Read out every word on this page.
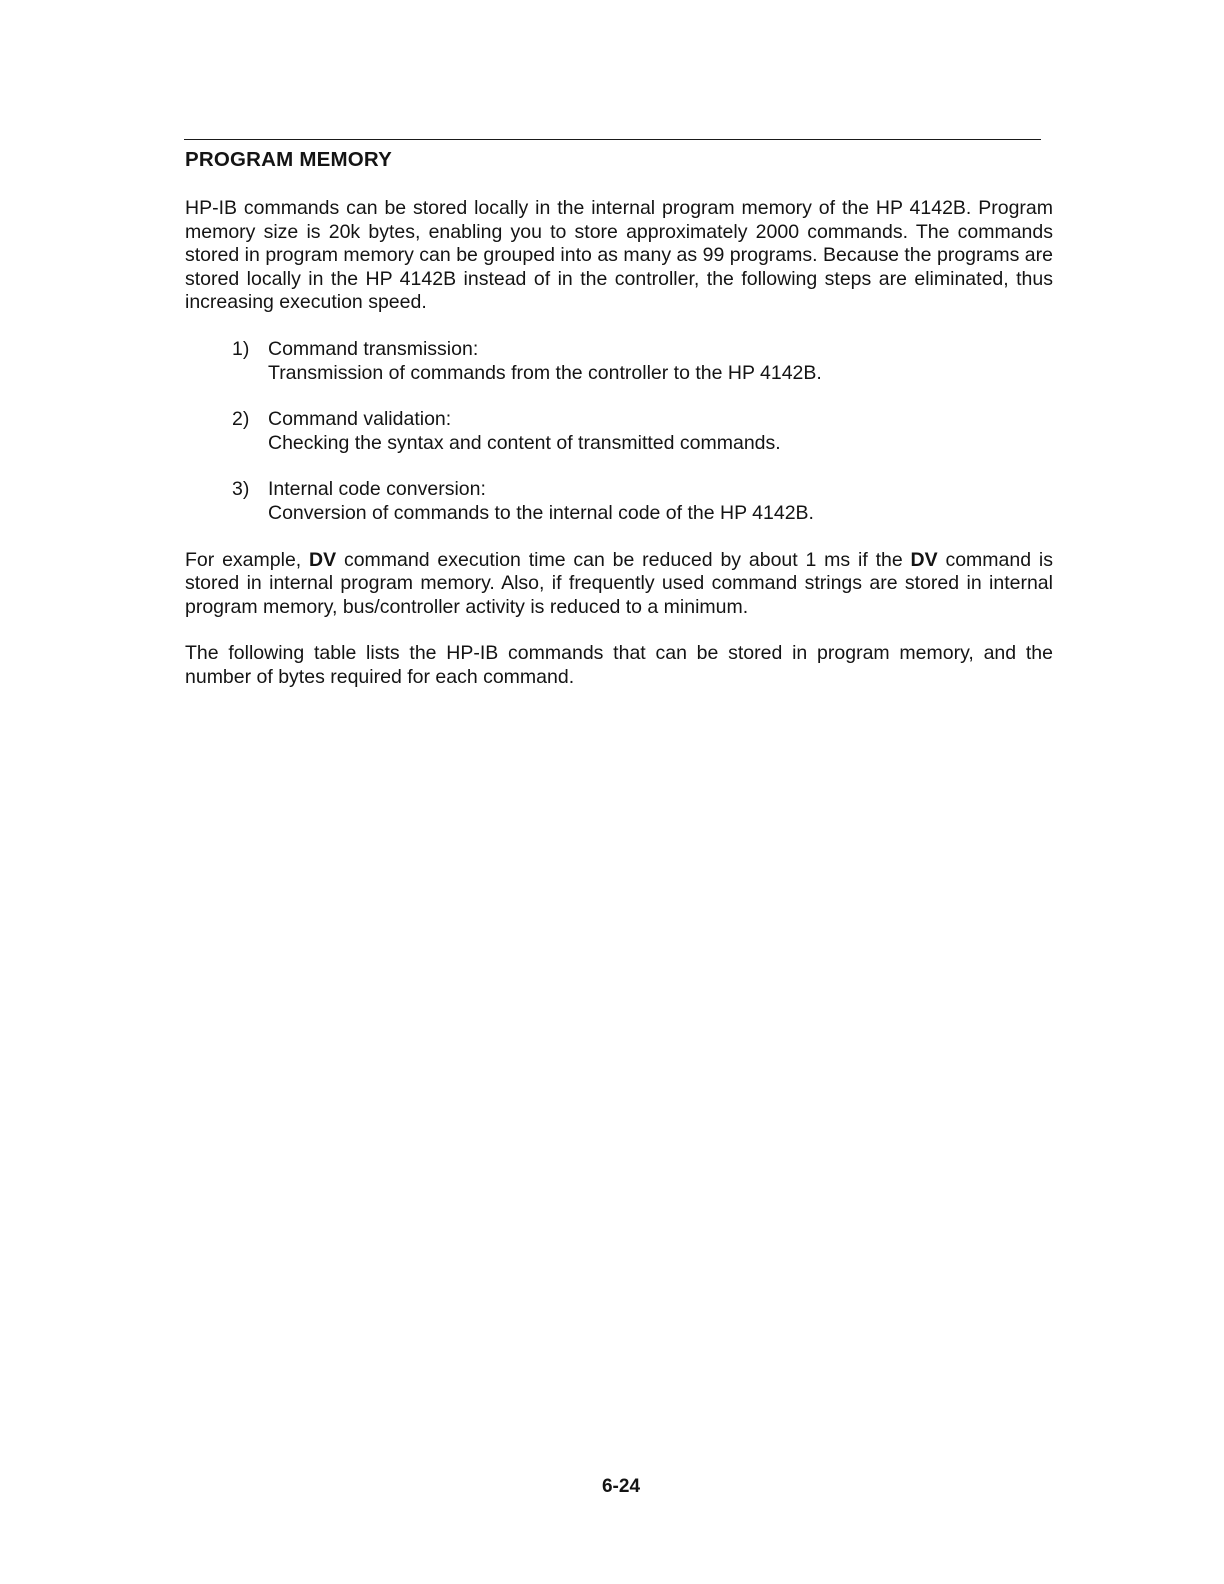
PROGRAM MEMORY

HP-IB commands can be stored locally in the internal program memory of the HP 4142B. Program memory size is 20k bytes, enabling you to store approximately 2000 commands. The commands stored in program memory can be grouped into as many as 99 programs. Because the programs are stored locally in the HP 4142B instead of in the controller, the following steps are eliminated, thus increasing execution speed.

1) Command transmission:
Transmission of commands from the controller to the HP 4142B.
2) Command validation:
Checking the syntax and content of transmitted commands.
3) Internal code conversion:
Conversion of commands to the internal code of the HP 4142B.

For example, DV command execution time can be reduced by about 1 ms if the DV command is stored in internal program memory. Also, if frequently used command strings are stored in internal program memory, bus/controller activity is reduced to a minimum.

The following table lists the HP-IB commands that can be stored in program memory, and the number of bytes required for each command.

6-24
